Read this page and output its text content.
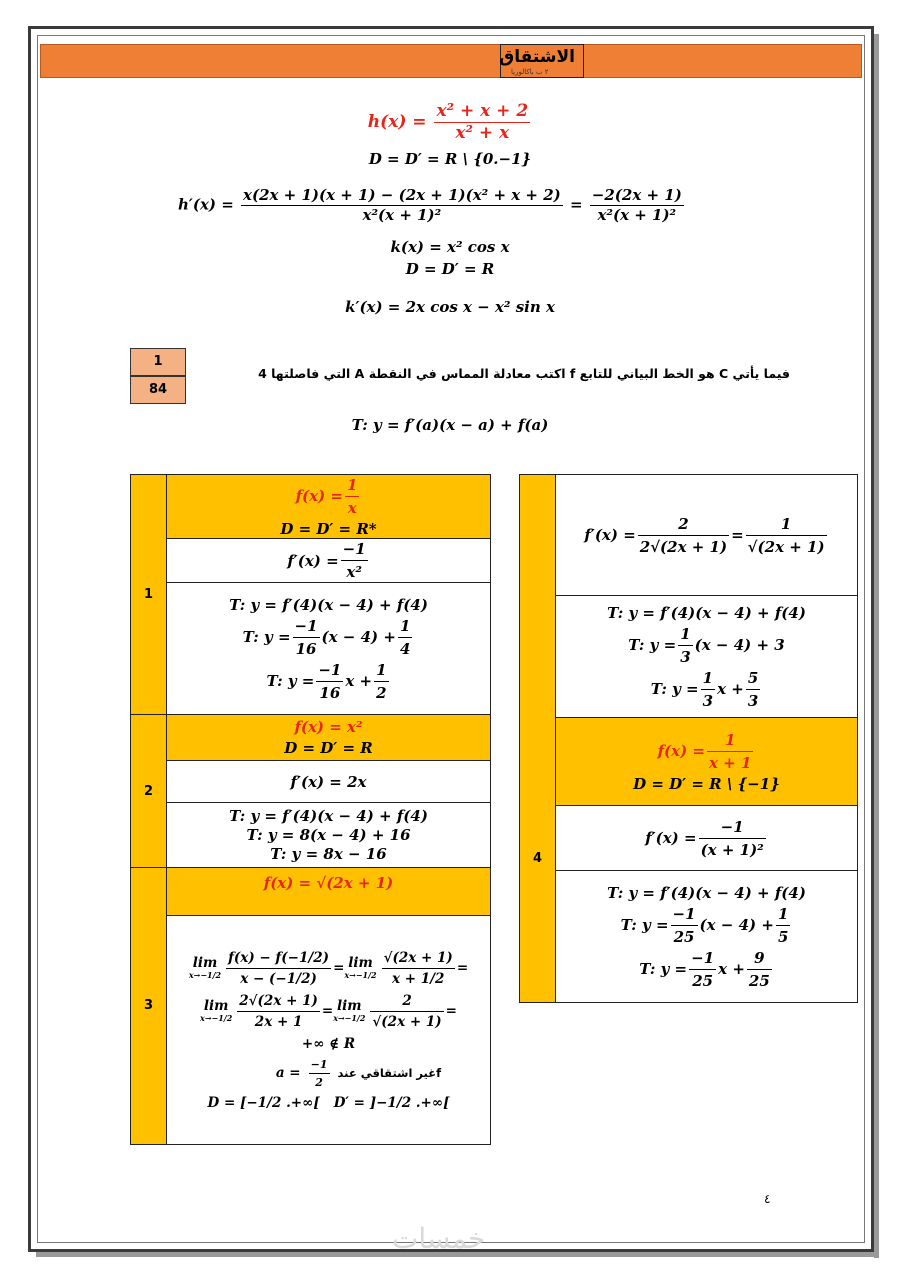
الاشتقاق
٢ ب باكالوريا
$h(x) = \frac{\text{x² + x + 2}}{\text{x² + x}}$
D = D′ = R \ {0.−1}
$h'(x) = \frac{\text{x(2x + 1)(x + 1) − (2x + 1)(x² + x + 2)}}{\text{x²(x + 1)²}} = \frac{-2(2x + 1)}{\text{x²(x + 1)²}}$
k(x) = x² cos x
D = D′ = R
k′(x) = 2x cos x − x² sin x
1
84
فيما يأتي C هو الخط البياني للتابع f اكتب معادلة المماس في النقطة A التي فاصلتها 4
T: y = f′(a)(x − a) + f(a)
1
2
3
$f(x) = \frac{1}{x}$
D = D′ = R*
$f'(x) = \frac{-1}{\text{x²}}$
T: y = f′(4)(x − 4) + f(4)
T: $y = \frac{-1}{16} (x - 4) + \frac{1}{4}$
T: $y = \frac{-1}{16}$ $x + \frac{1}{2}$
f(x) = x²
D = D′ = R
f′(x) = 2x
T: y = f′(4)(x − 4) + f(4)
T: y = 8(x − 4) + 16
T: y = 8x − 16
f(x) = √(2x + 1)
lim
$x\to-1/2 \frac{f(x) - f(-1/2)}{x - (-1/2)} = \lim$
$x\to-1/2 \frac{√(2x + 1)}{x + 1/2}$ =
lim
$x\to-1/2 \frac{2√(2x + 1)}{2x + 1} = \lim$
$x\to-1/2 \frac{2}{√(2x + 1)}$ =
+∞ ∉ R
$a = \frac{-1}{2}$ fغير اشتقاقي عند
D = [−1/2 .+∞[ D′ = ]−1/2 .+∞[
4
$f'(x) = \frac{2}{2√(2x + 1)} = \frac{1}{√(2x + 1)}$
T: y = f′(4)(x − 4) + f(4)
T: $y = \frac{1}{3} (x - 4) + 3$
T: $y = \frac{1}{3}$ $x + \frac{5}{3}$
$f(x) = \frac{1}{x + 1}$
D = D′ = R \ {−1}
$f'(x) = \frac{-1}{\text{(x + 1)²}}$
T: y = f′(4)(x − 4) + f(4)
T: $y = \frac{-1}{25} (x - 4) + \frac{1}{5}$
T: $y = \frac{-1}{25}$ $x + \frac{9}{25}$
٤
خمسات
